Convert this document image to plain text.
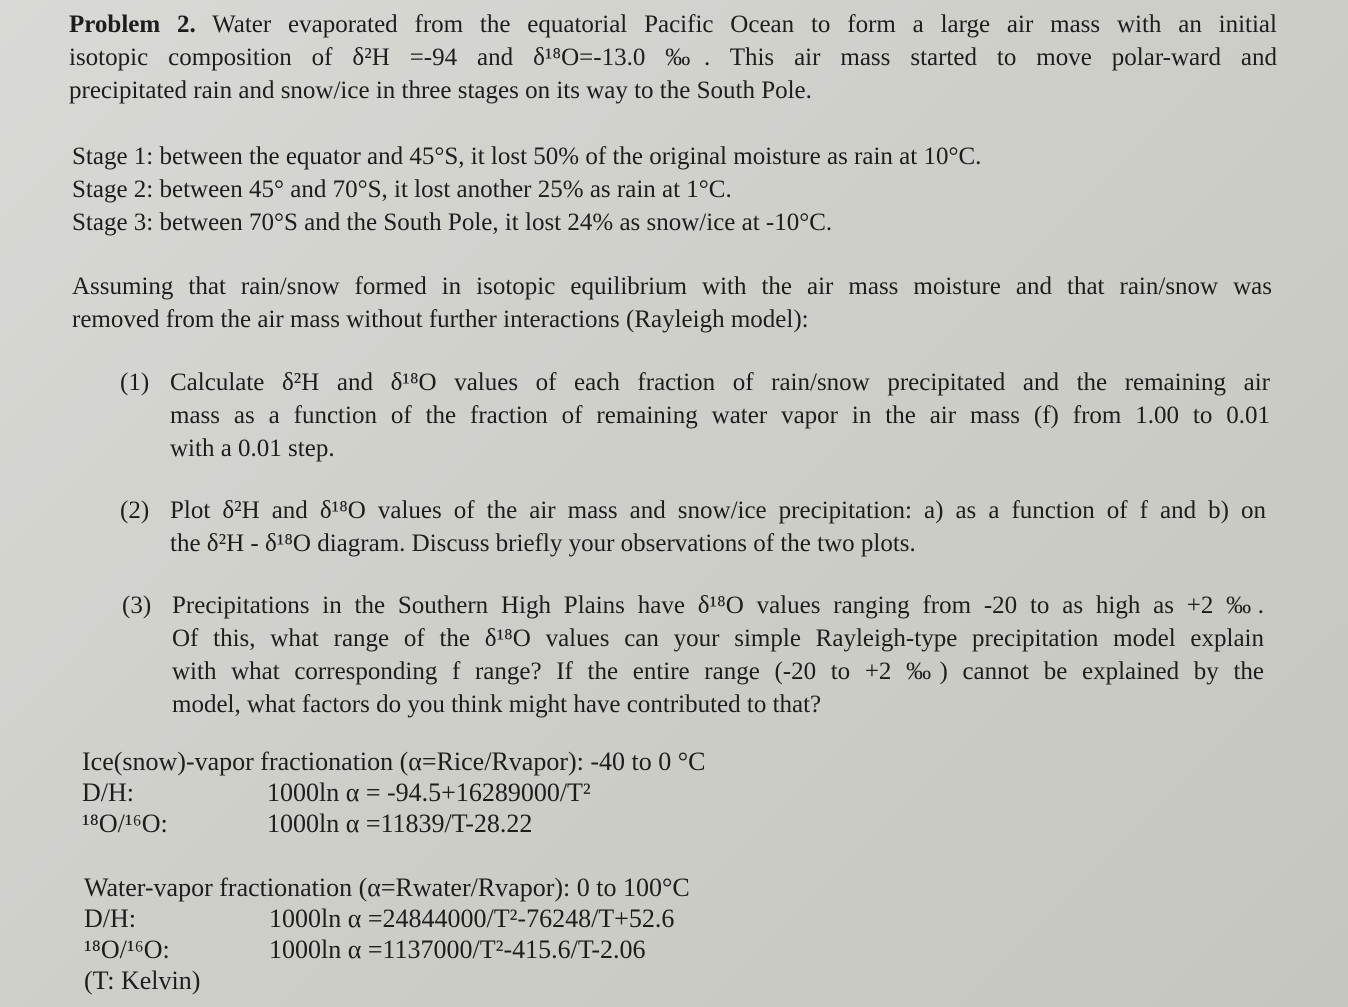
Problem 2. Water evaporated from the equatorial Pacific Ocean to form a large air mass with an initial
isotopic composition of δ²H =-94 and δ¹⁸O=-13.0 ‰. This air mass started to move polar-ward and
precipitated rain and snow/ice in three stages on its way to the South Pole.
Stage 1: between the equator and 45°S, it lost 50% of the original moisture as rain at 10°C.
Stage 2: between 45° and 70°S, it lost another 25% as rain at 1°C.
Stage 3: between 70°S and the South Pole, it lost 24% as snow/ice at -10°C.
Assuming that rain/snow formed in isotopic equilibrium with the air mass moisture and that rain/snow was
removed from the air mass without further interactions (Rayleigh model):
(1) Calculate δ²H and δ¹⁸O values of each fraction of rain/snow precipitated and the remaining air
mass as a function of the fraction of remaining water vapor in the air mass (f) from 1.00 to 0.01
with a 0.01 step.
(2) Plot δ²H and δ¹⁸O values of the air mass and snow/ice precipitation: a) as a function of f and b) on
the δ²H - δ¹⁸O diagram. Discuss briefly your observations of the two plots.
(3) Precipitations in the Southern High Plains have δ¹⁸O values ranging from -20 to as high as +2 ‰.
Of this, what range of the δ¹⁸O values can your simple Rayleigh-type precipitation model explain
with what corresponding f range? If the entire range (-20 to +2 ‰) cannot be explained by the
model, what factors do you think might have contributed to that?
Ice(snow)-vapor fractionation (α=Rice/Rvapor): -40 to 0 °C
D/H:	1000ln α = -94.5+16289000/T²
¹⁸O/¹⁶O:	1000ln α =11839/T-28.22
Water-vapor fractionation (α=Rwater/Rvapor): 0 to 100°C
D/H:	1000ln α =24844000/T²-76248/T+52.6
¹⁸O/¹⁶O:	1000ln α =1137000/T²-415.6/T-2.06
(T: Kelvin)
